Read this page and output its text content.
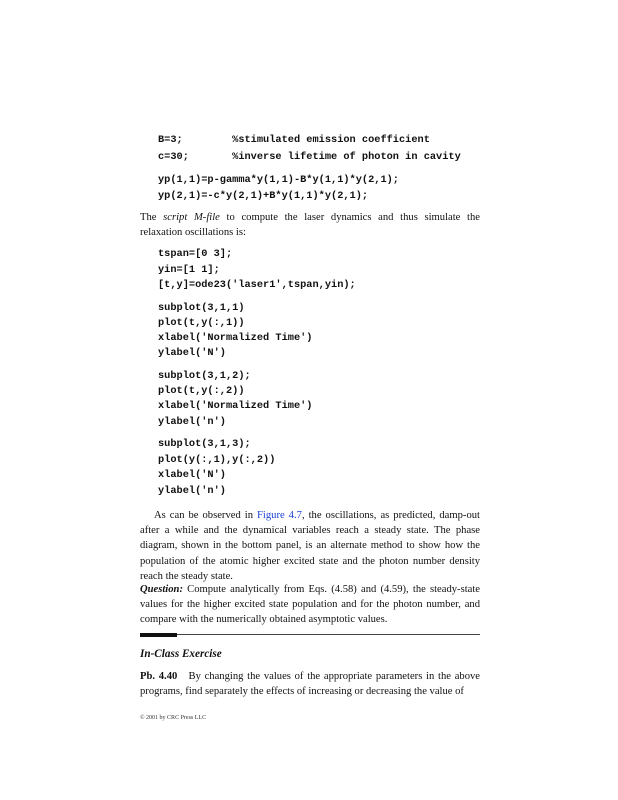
B=3;        %stimulated emission coefficient
c=30;       %inverse lifetime of photon in cavity
yp(1,1)=p-gamma*y(1,1)-B*y(1,1)*y(2,1);
yp(2,1)=-c*y(2,1)+B*y(1,1)*y(2,1);

The script M-file to compute the laser dynamics and thus simulate the relaxation oscillations is:

tspan=[0 3];
yin=[1 1];
[t,y]=ode23('laser1',tspan,yin);
subplot(3,1,1)
plot(t,y(:,1))
xlabel('Normalized Time')
ylabel('N')
subplot(3,1,2);
plot(t,y(:,2))
xlabel('Normalized Time')
ylabel('n')
subplot(3,1,3);
plot(y(:,1),y(:,2))
xlabel('N')
ylabel('n')

As can be observed in Figure 4.7, the oscillations, as predicted, damp-out after a while and the dynamical variables reach a steady state. The phase diagram, shown in the bottom panel, is an alternate method to show how the population of the atomic higher excited state and the photon number density reach the steady state.

Question: Compute analytically from Eqs. (4.58) and (4.59), the steady-state values for the higher excited state population and for the photon number, and compare with the numerically obtained asymptotic values.

In-Class Exercise

Pb. 4.40 By changing the values of the appropriate parameters in the above programs, find separately the effects of increasing or decreasing the value of

© 2001 by CRC Press LLC
